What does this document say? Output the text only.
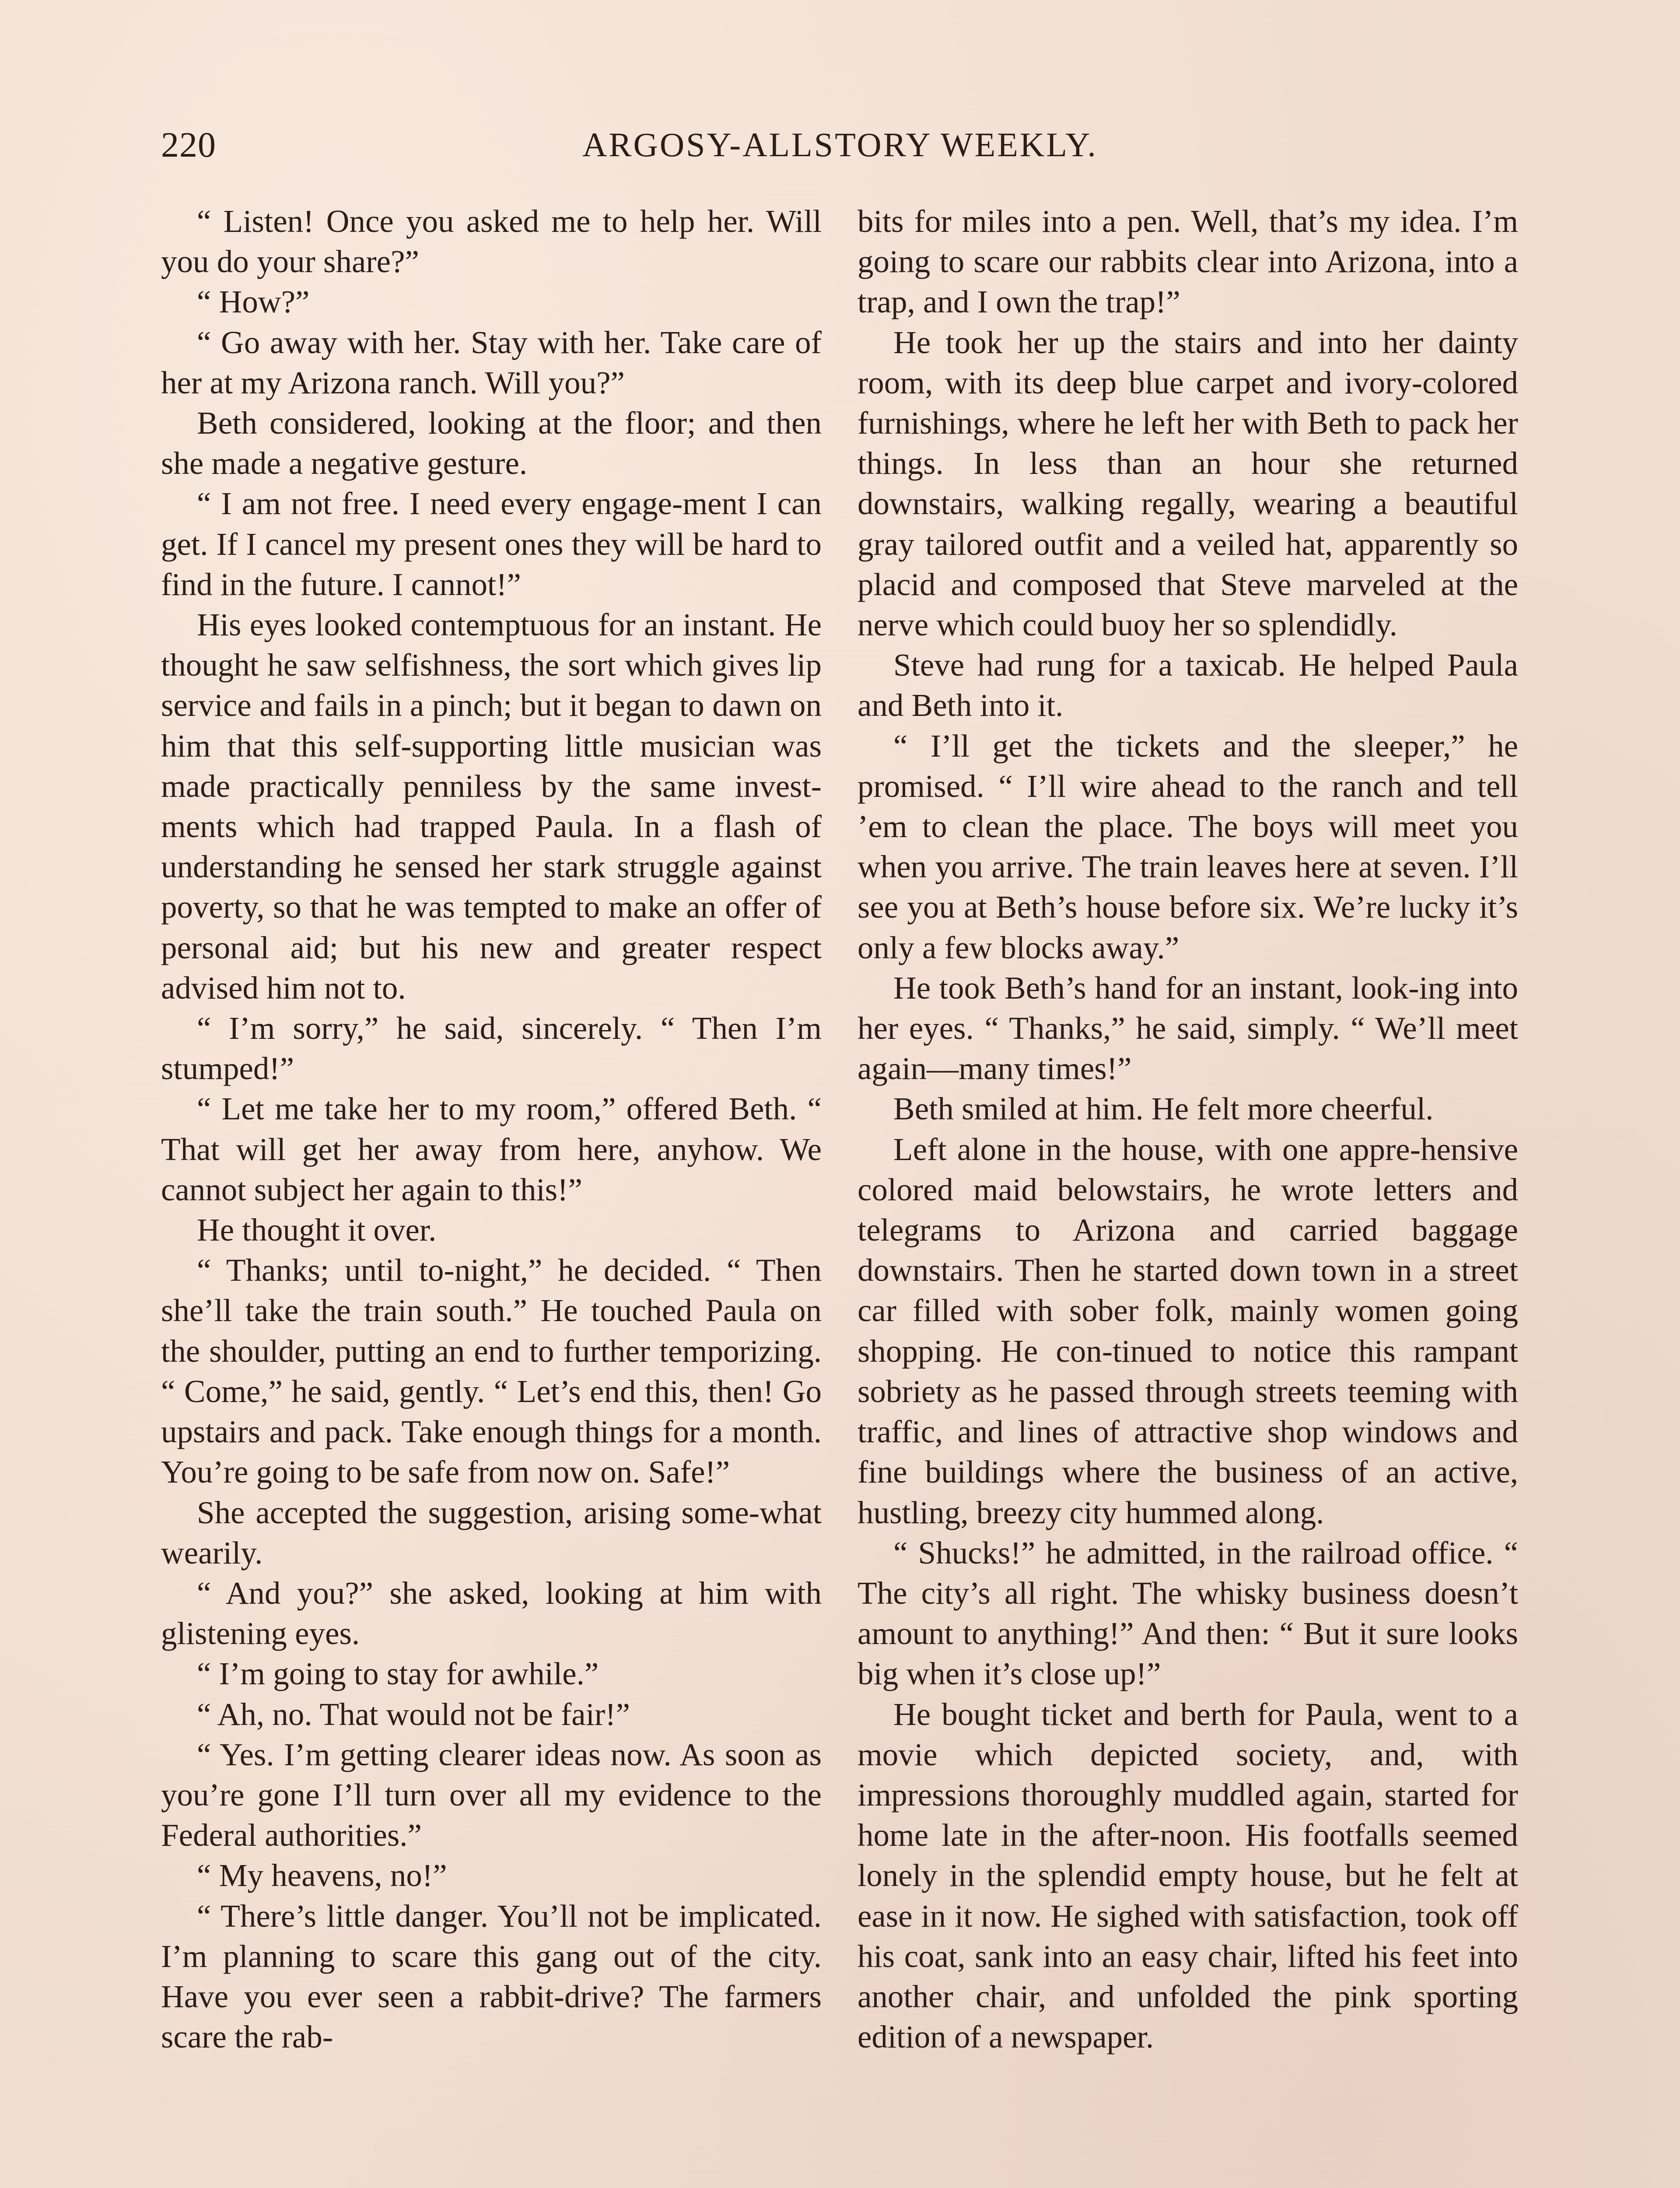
220	ARGOSY-ALLSTORY WEEKLY.

“ Listen! Once you asked me to help her. Will you do your share?”

“ How?”

“ Go away with her. Stay with her. Take care of her at my Arizona ranch. Will you?”

Beth considered, looking at the floor; and then she made a negative gesture.

“ I am not free. I need every engage-ment I can get. If I cancel my present ones they will be hard to find in the future. I cannot!”

His eyes looked contemptuous for an instant. He thought he saw selfishness, the sort which gives lip service and fails in a pinch; but it began to dawn on him that this self-supporting little musician was made practically penniless by the same invest-ments which had trapped Paula. In a flash of understanding he sensed her stark struggle against poverty, so that he was tempted to make an offer of personal aid; but his new and greater respect advised him not to.

“ I’m sorry,” he said, sincerely. “ Then I’m stumped!”

“ Let me take her to my room,” offered Beth. “ That will get her away from here, anyhow. We cannot subject her again to this!”

He thought it over.

“ Thanks; until to-night,” he decided. “ Then she’ll take the train south.” He touched Paula on the shoulder, putting an end to further temporizing. “ Come,” he said, gently. “ Let’s end this, then! Go upstairs and pack. Take enough things for a month. You’re going to be safe from now on. Safe!”

She accepted the suggestion, arising some-what wearily.

“ And you?” she asked, looking at him with glistening eyes.

“ I’m going to stay for awhile.”

“ Ah, no. That would not be fair!”

“ Yes. I’m getting clearer ideas now. As soon as you’re gone I’ll turn over all my evidence to the Federal authorities.”

“ My heavens, no!”

“ There’s little danger. You’ll not be implicated. I’m planning to scare this gang out of the city. Have you ever seen a rabbit-drive? The farmers scare the rab-

bits for miles into a pen. Well, that’s my idea. I’m going to scare our rabbits clear into Arizona, into a trap, and I own the trap!”

He took her up the stairs and into her dainty room, with its deep blue carpet and ivory-colored furnishings, where he left her with Beth to pack her things. In less than an hour she returned downstairs, walking regally, wearing a beautiful gray tailored outfit and a veiled hat, apparently so placid and composed that Steve marveled at the nerve which could buoy her so splendidly.

Steve had rung for a taxicab. He helped Paula and Beth into it.

“ I’ll get the tickets and the sleeper,” he promised. “ I’ll wire ahead to the ranch and tell ’em to clean the place. The boys will meet you when you arrive. The train leaves here at seven. I’ll see you at Beth’s house before six. We’re lucky it’s only a few blocks away.”

He took Beth’s hand for an instant, look-ing into her eyes. “ Thanks,” he said, simply. “ We’ll meet again—many times!”

Beth smiled at him. He felt more cheerful.

Left alone in the house, with one appre-hensive colored maid belowstairs, he wrote letters and telegrams to Arizona and carried baggage downstairs. Then he started down town in a street car filled with sober folk, mainly women going shopping. He con-tinued to notice this rampant sobriety as he passed through streets teeming with traffic, and lines of attractive shop windows and fine buildings where the business of an active, hustling, breezy city hummed along.

“ Shucks!” he admitted, in the railroad office. “ The city’s all right. The whisky business doesn’t amount to anything!” And then: “ But it sure looks big when it’s close up!”

He bought ticket and berth for Paula, went to a movie which depicted society, and, with impressions thoroughly muddled again, started for home late in the after-noon. His footfalls seemed lonely in the splendid empty house, but he felt at ease in it now. He sighed with satisfaction, took off his coat, sank into an easy chair, lifted his feet into another chair, and unfolded the pink sporting edition of a newspaper.
